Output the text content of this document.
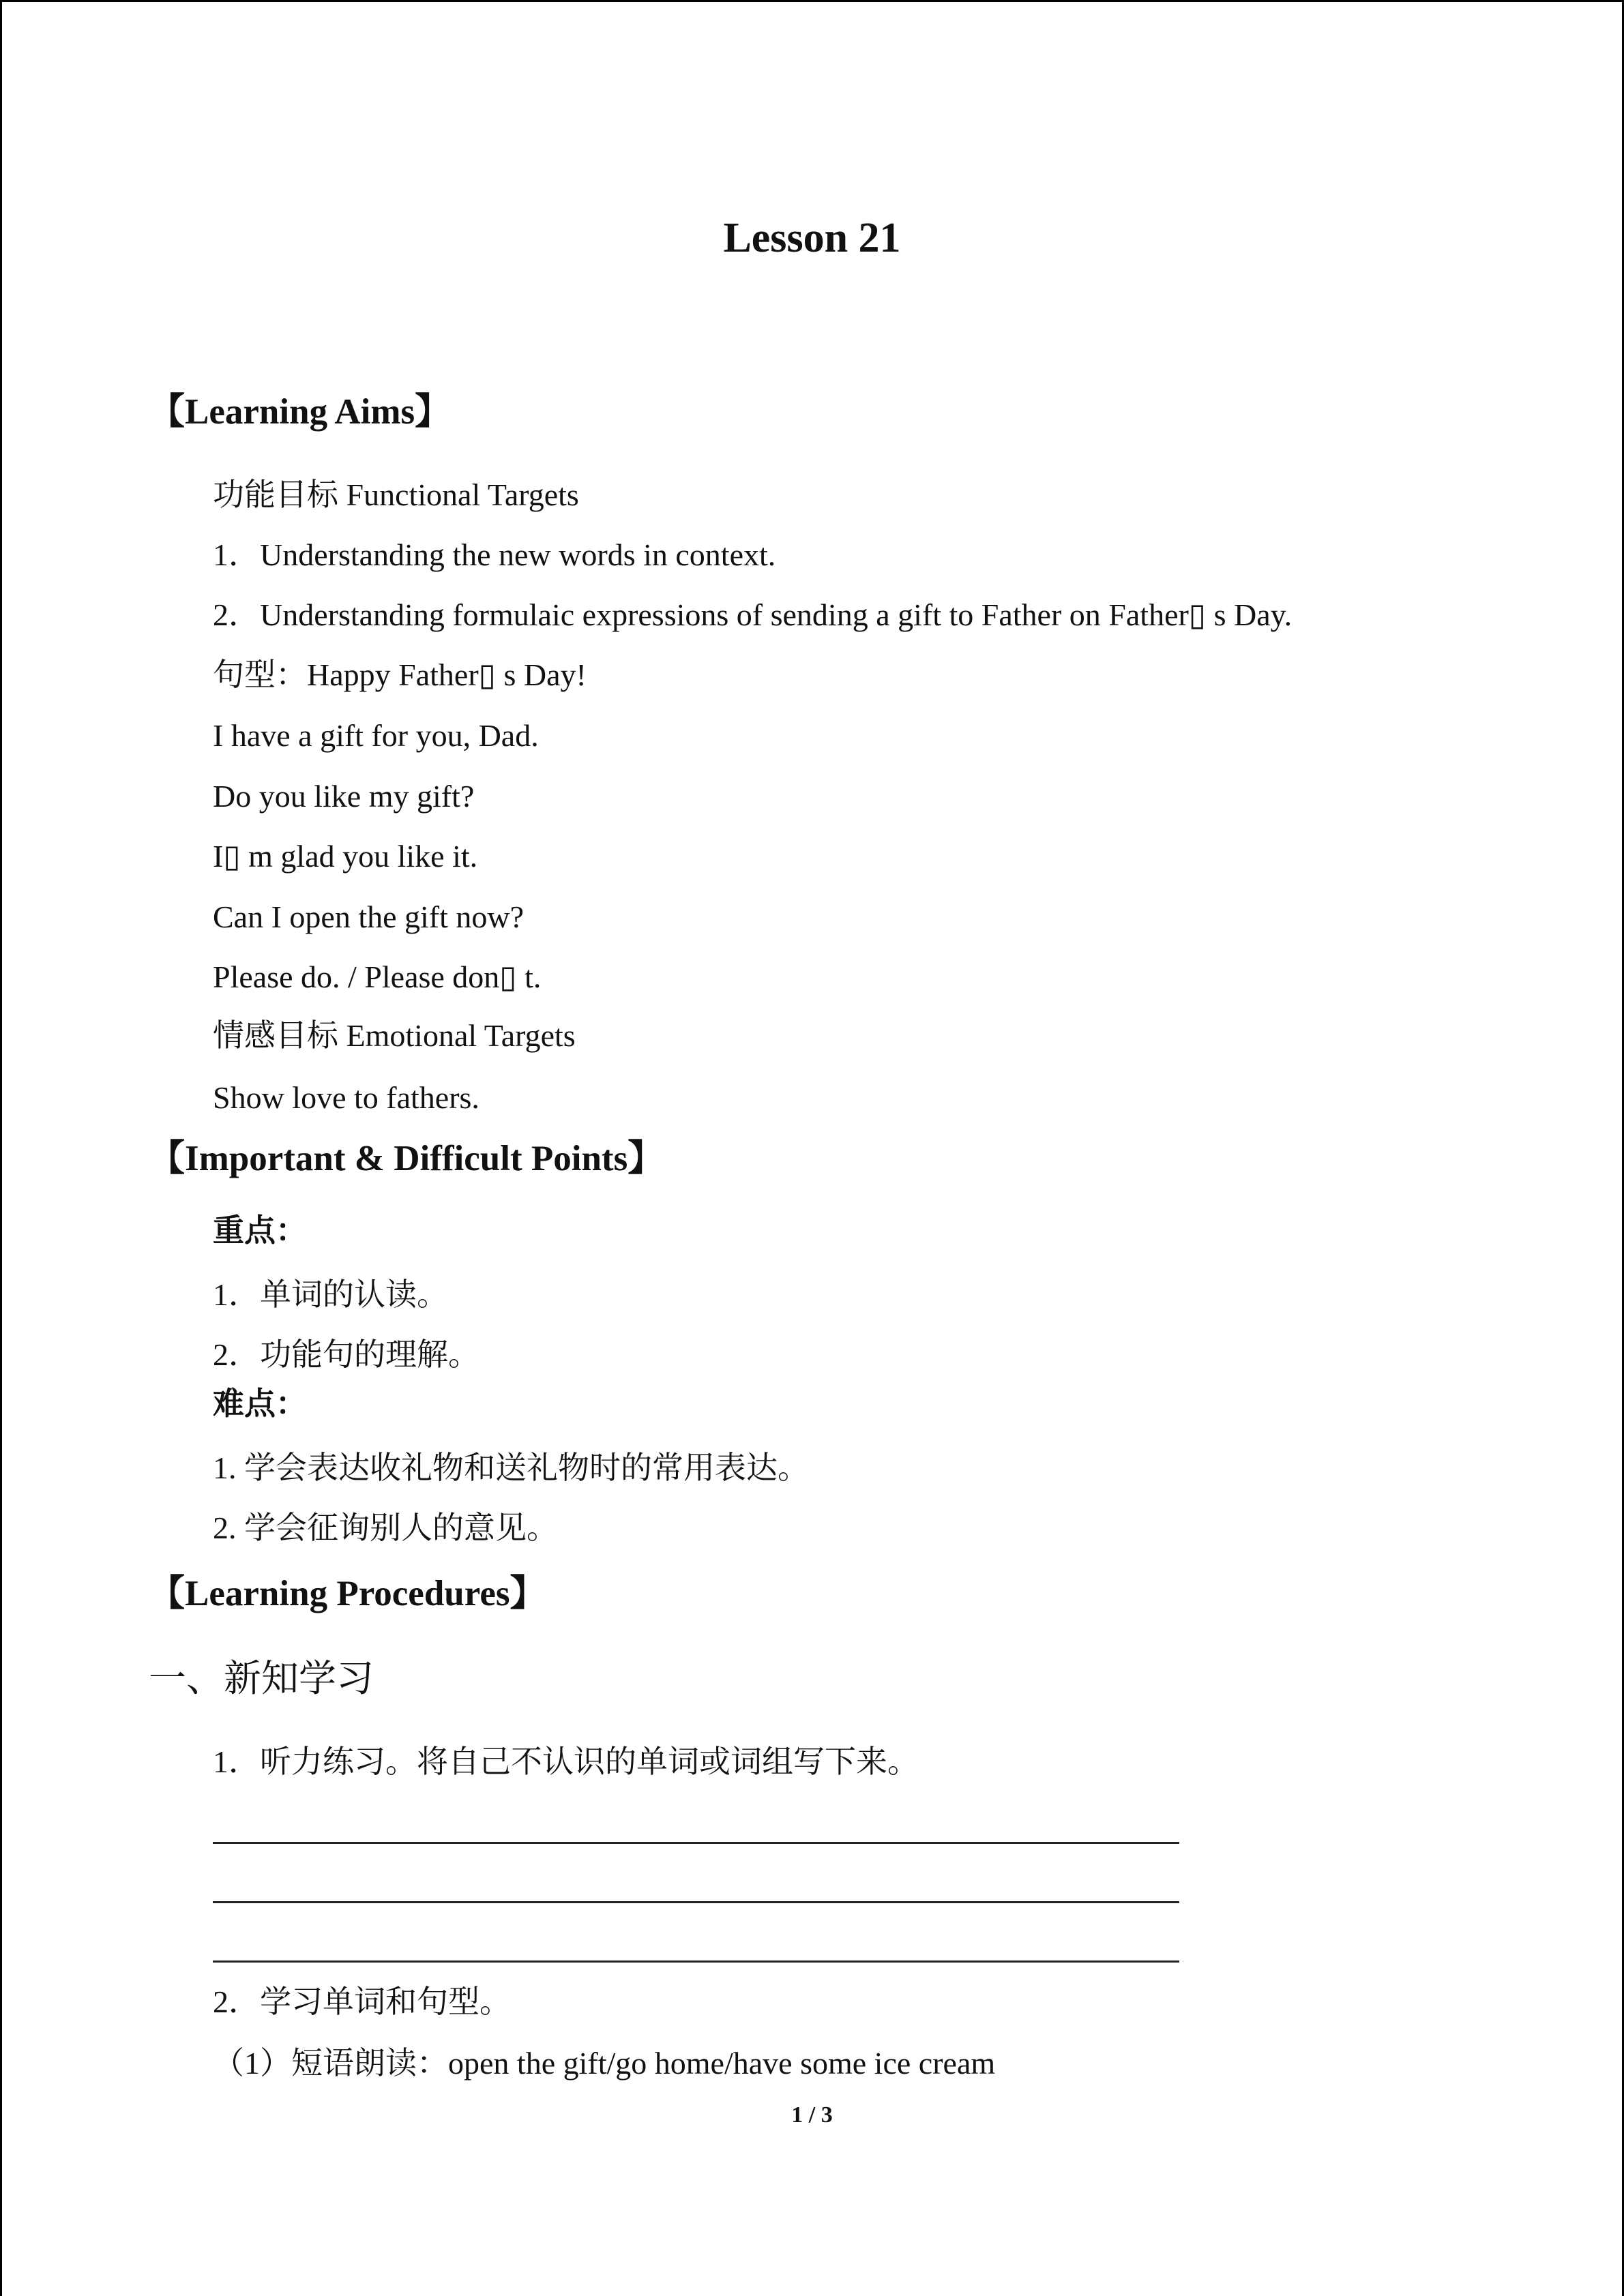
Lesson 21
【Learning Aims】
功能目标 Functional Targets
1．Understanding the new words in context.
2．Understanding formulaic expressions of sending a gift to Father on Father▯ s Day.
句型：Happy Father▯ s Day!
I have a gift for you, Dad.
Do you like my gift?
I▯ m glad you like it.
Can I open the gift now?
Please do. / Please don▯ t.
情感目标 Emotional Targets
Show love to fathers.
【Important & Difficult Points】
重点：
1．单词的认读。
2．功能句的理解。
难点：
1. 学会表达收礼物和送礼物时的常用表达。
2. 学会征询别人的意见。
【Learning Procedures】
一、新知学习
1．听力练习。将自己不认识的单词或词组写下来。
2．学习单词和句型。
（1）短语朗读：open the gift/go home/have some ice cream
1 / 3
